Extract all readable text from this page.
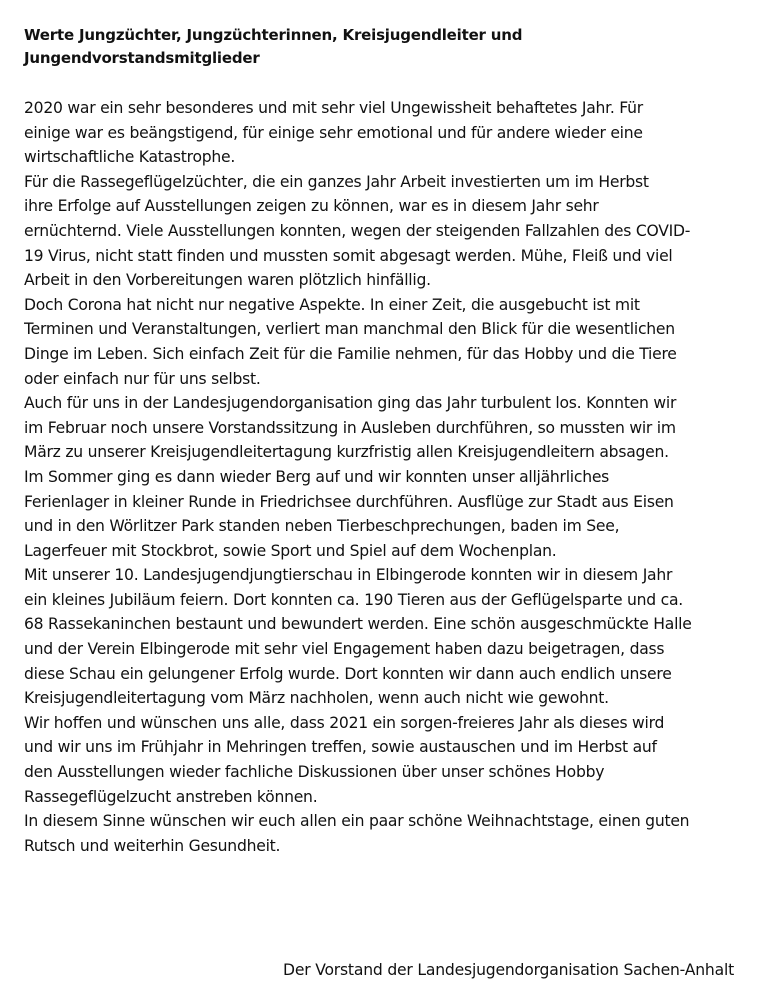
Werte Jungzüchter, Jungzüchterinnen, Kreisjugendleiter und
Jungendvorstandsmitglieder
2020 war ein sehr besonderes und mit sehr viel Ungewissheit behaftetes Jahr. Für
einige war es beängstigend, für einige sehr emotional und für andere wieder eine
wirtschaftliche Katastrophe.
Für die Rassegeflügelzüchter, die ein ganzes Jahr Arbeit investierten um im Herbst
ihre Erfolge auf Ausstellungen zeigen zu können, war es in diesem Jahr sehr
ernüchternd. Viele Ausstellungen konnten, wegen der steigenden Fallzahlen des COVID-
19 Virus, nicht statt finden und mussten somit abgesagt werden. Mühe, Fleiß und viel
Arbeit in den Vorbereitungen waren plötzlich hinfällig.
Doch Corona hat nicht nur negative Aspekte. In einer Zeit, die ausgebucht ist mit
Terminen und Veranstaltungen, verliert man manchmal den Blick für die wesentlichen
Dinge im Leben. Sich einfach Zeit für die Familie nehmen, für das Hobby und die Tiere
oder einfach nur für uns selbst.
Auch für uns in der Landesjugendorganisation ging das Jahr turbulent los. Konnten wir
im Februar noch unsere Vorstandssitzung in Ausleben durchführen, so mussten wir im
März zu unserer Kreisjugendleitertagung kurzfristig allen Kreisjugendleitern absagen.
Im Sommer ging es dann wieder Berg auf und wir konnten unser alljährliches
Ferienlager in kleiner Runde in Friedrichsee durchführen. Ausflüge zur Stadt aus Eisen
und in den Wörlitzer Park standen neben Tierbeschprechungen, baden im See,
Lagerfeuer mit Stockbrot, sowie Sport und Spiel auf dem Wochenplan.
Mit unserer 10. Landesjugendjungtierschau in Elbingerode konnten wir in diesem Jahr
ein kleines Jubiläum feiern. Dort konnten ca. 190 Tieren aus der Geflügelsparte und ca.
68 Rassekaninchen bestaunt und bewundert werden. Eine schön ausgeschmückte Halle
und der Verein Elbingerode mit sehr viel Engagement haben dazu beigetragen, dass
diese Schau ein gelungener Erfolg wurde. Dort konnten wir dann auch endlich unsere
Kreisjugendleitertagung vom März nachholen, wenn auch nicht wie gewohnt.
Wir hoffen und wünschen uns alle, dass 2021 ein sorgen-freieres Jahr als dieses wird
und wir uns im Frühjahr in Mehringen treffen, sowie austauschen und im Herbst auf
den Ausstellungen wieder fachliche Diskussionen über unser schönes Hobby
Rassegeflügelzucht anstreben können.
In diesem Sinne wünschen wir euch allen ein paar schöne Weihnachtstage, einen guten
Rutsch und weiterhin Gesundheit.
Der Vorstand der Landesjugendorganisation Sachen-Anhalt
